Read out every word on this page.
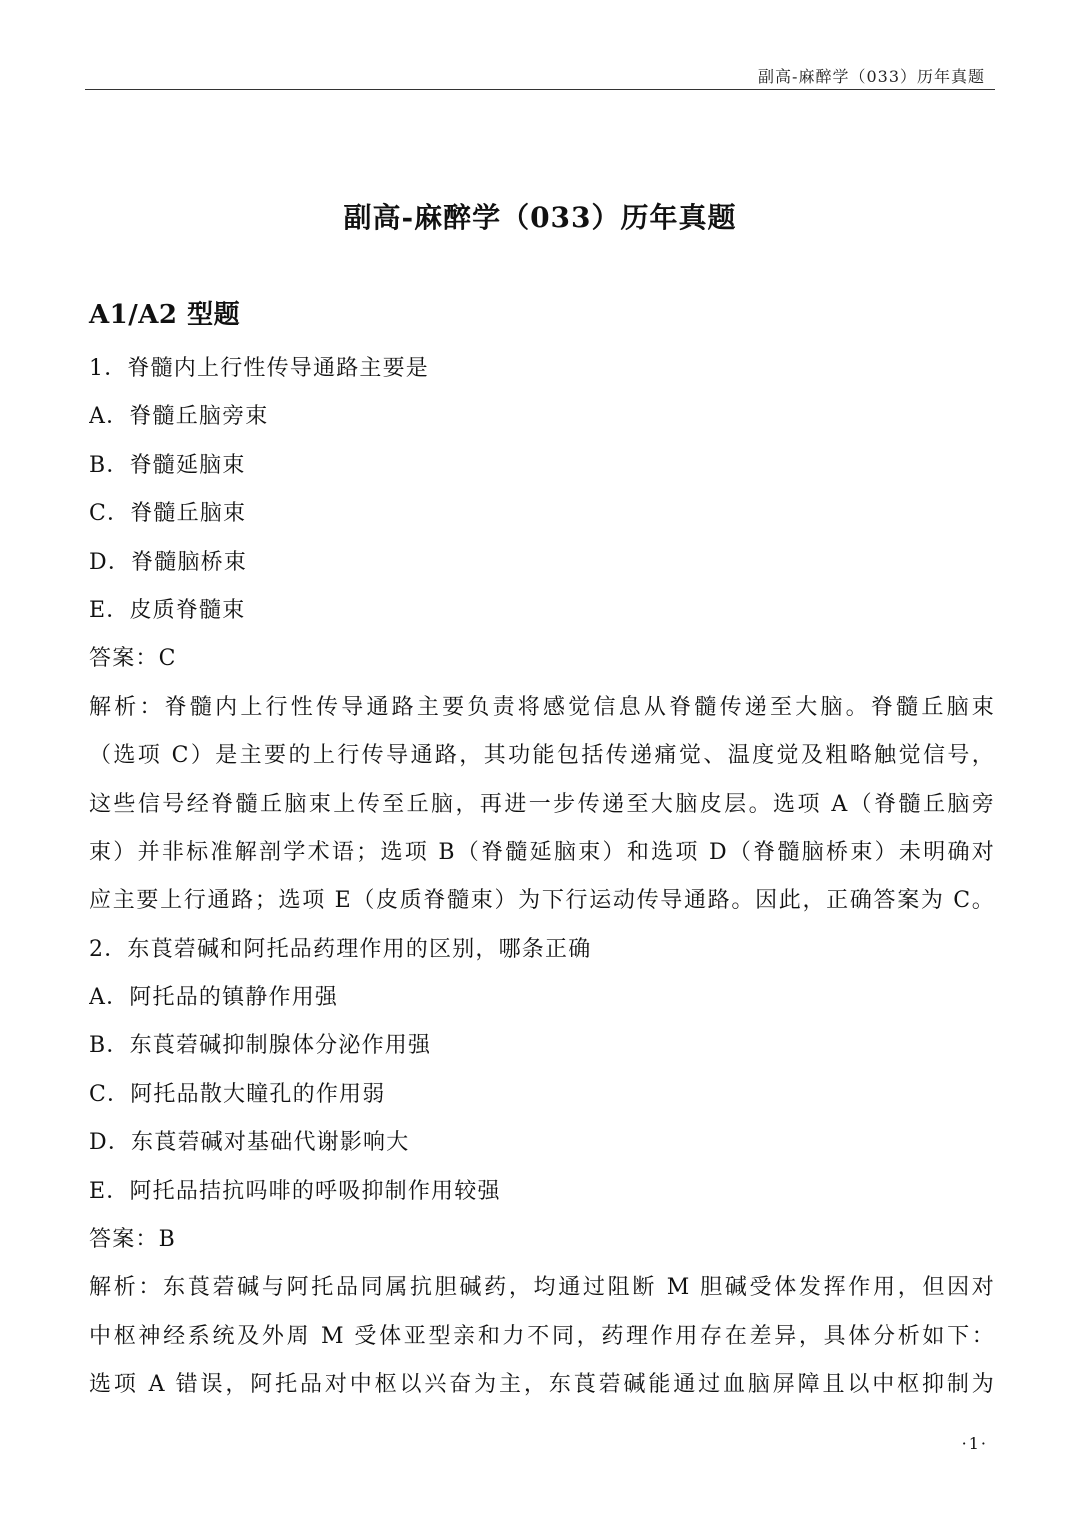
副高-麻醉学（033）历年真题
副高-麻醉学（033）历年真题
A1/A2 型题
1．脊髓内上行性传导通路主要是
A．脊髓丘脑旁束
B．脊髓延脑束
C．脊髓丘脑束
D．脊髓脑桥束
E．皮质脊髓束
答案：C
解析：脊髓内上行性传导通路主要负责将感觉信息从脊髓传递至大脑。脊髓丘脑束
（选项 C）是主要的上行传导通路，其功能包括传递痛觉、温度觉及粗略触觉信号，
这些信号经脊髓丘脑束上传至丘脑，再进一步传递至大脑皮层。选项 A（脊髓丘脑旁
束）并非标准解剖学术语；选项 B（脊髓延脑束）和选项 D（脊髓脑桥束）未明确对
应主要上行通路；选项 E（皮质脊髓束）为下行运动传导通路。因此，正确答案为 C。
2．东莨菪碱和阿托品药理作用的区别，哪条正确
A．阿托品的镇静作用强
B．东莨菪碱抑制腺体分泌作用强
C．阿托品散大瞳孔的作用弱
D．东莨菪碱对基础代谢影响大
E．阿托品拮抗吗啡的呼吸抑制作用较强
答案：B
解析：东莨菪碱与阿托品同属抗胆碱药，均通过阻断 M 胆碱受体发挥作用，但因对
中枢神经系统及外周 M 受体亚型亲和力不同，药理作用存在差异，具体分析如下：
选项 A 错误，阿托品对中枢以兴奋为主，东莨菪碱能通过血脑屏障且以中枢抑制为
·1·
